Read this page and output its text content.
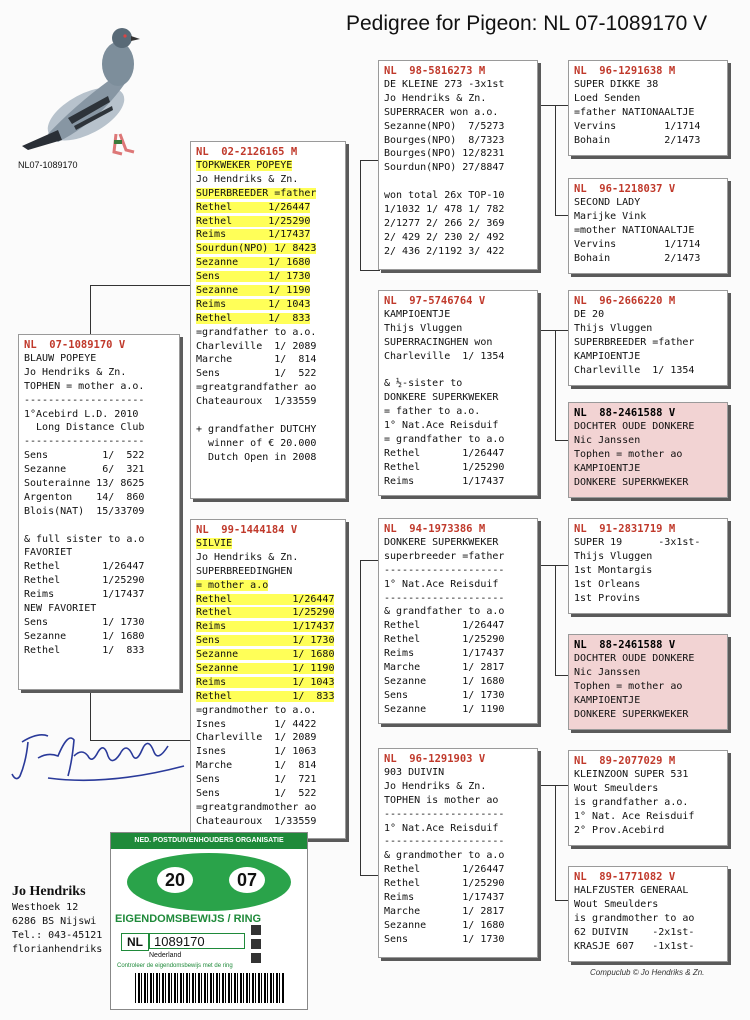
Pedigree for Pigeon: NL 07-1089170 V
NL07-1089170
NL  07-1089170 V
BLAUW POPEYE
Jo Hendriks & Zn.
TOPHEN = mother a.o.
--------------------
1°Acebird L.D. 2010
Long Distance Club
--------------------
Sens         1/  522
Sezanne      6/  321
Souterainne 13/ 8625
Argenton    14/  860
Blois(NAT)  15/33709
& full sister to a.o
FAVORIET
Rethel       1/26447
Rethel       1/25290
Reims        1/17437
NEW FAVORIET
Sens         1/ 1730
Sezanne      1/ 1680
Rethel       1/  833
NL  02-2126165 M
TOPKWEKER POPEYE
Jo Hendriks & Zn.
SUPERBREEDER =father
Rethel      1/26447
Rethel      1/25290
Reims       1/17437
Sourdun(NPO) 1/ 8423
Sezanne     1/ 1680
Sens        1/ 1730
Sezanne     1/ 1190
Reims       1/ 1043
Rethel      1/  833
=grandfather to a.o.
Charleville  1/ 2089
Marche       1/  814
Sens         1/  522
=greatgrandfather ao
Chateauroux  1/33559
+ grandfather DUTCHY
winner of € 20.000
Dutch Open in 2008
NL  99-1444184 V
SILVIE
Jo Hendriks & Zn.
SUPERBREEDINGHEN
= mother a.o
Rethel          1/26447
Rethel          1/25290
Reims           1/17437
Sens            1/ 1730
Sezanne         1/ 1680
Sezanne         1/ 1190
Reims           1/ 1043
Rethel          1/  833
=grandmother to a.o.
Isnes        1/ 4422
Charleville  1/ 2089
Isnes        1/ 1063
Marche       1/  814
Sens         1/  721
Sens         1/  522
=greatgrandmother ao
Chateauroux  1/33559
NL  98-5816273 M
DE KLEINE 273 -3x1st
Jo Hendriks & Zn.
SUPERRACER won a.o.
Sezanne(NPO)  7/5273
Bourges(NPO)  8/7323
Bourges(NPO) 12/8231
Sourdun(NPO) 27/8847
won total 26x TOP-10
1/1032 1/ 478 1/ 782
2/1277 2/ 266 2/ 369
2/ 429 2/ 230 2/ 492
2/ 436 2/1192 3/ 422
NL  97-5746764 V
KAMPIOENTJE
Thijs Vluggen
SUPERRACINGHEN won
Charleville  1/ 1354
& ½-sister to
DONKERE SUPERKWEKER
= father to a.o.
1° Nat.Ace Reisduif
= grandfather to a.o
Rethel       1/26447
Rethel       1/25290
Reims        1/17437
NL  94-1973386 M
DONKERE SUPERKWEKER
superbreeder =father
--------------------
1° Nat.Ace Reisduif
--------------------
& grandfather to a.o
Rethel       1/26447
Rethel       1/25290
Reims        1/17437
Marche       1/ 2817
Sezanne      1/ 1680
Sens         1/ 1730
Sezanne      1/ 1190
NL  96-1291903 V
903 DUIVIN
Jo Hendriks & Zn.
TOPHEN is mother ao
--------------------
1° Nat.Ace Reisduif
--------------------
& grandmother to a.o
Rethel       1/26447
Rethel       1/25290
Reims        1/17437
Marche       1/ 2817
Sezanne      1/ 1680
Sens         1/ 1730
NL  96-1291638 M
SUPER DIKKE 38
Loed Senden
=father NATIONAALTJE
Vervins        1/1714
Bohain         2/1473
NL  96-1218037 V
SECOND LADY
Marijke Vink
=mother NATIONAALTJE
Vervins        1/1714
Bohain         2/1473
NL  96-2666220 M
DE 20
Thijs Vluggen
SUPERBREEDER =father
KAMPIOENTJE
Charleville  1/ 1354
NL  88-2461588 V
DOCHTER OUDE DONKERE
Nic Janssen
Tophen = mother ao
KAMPIOENTJE
DONKERE SUPERKWEKER
NL  91-2831719 M
SUPER 19      -3x1st-
Thijs Vluggen
1st Montargis
1st Orleans
1st Provins
NL  88-2461588 V
DOCHTER OUDE DONKERE
Nic Janssen
Tophen = mother ao
KAMPIOENTJE
DONKERE SUPERKWEKER
NL  89-2077029 M
KLEINZOON SUPER 531
Wout Smeulders
is grandfather a.o.
1° Nat. Ace Reisduif
2° Prov.Acebird
NL  89-1771082 V
HALFZUSTER GENERAAL
Wout Smeulders
is grandmother to ao
62 DUIVIN    -2x1st-
KRASJE 607   -1x1st-
Jo Hendriks
Westhoek 12
6286 BS Nijswi
Tel.: 043-45121
florianhendriks
NED. POSTDUIVENHOUDERS ORGANISATIE
20	07
EIGENDOMSBEWIJS / RING
NL 1089170
Nederland
Controleer de eigendomsbewijs met de ring
Compuclub © Jo Hendriks & Zn.
